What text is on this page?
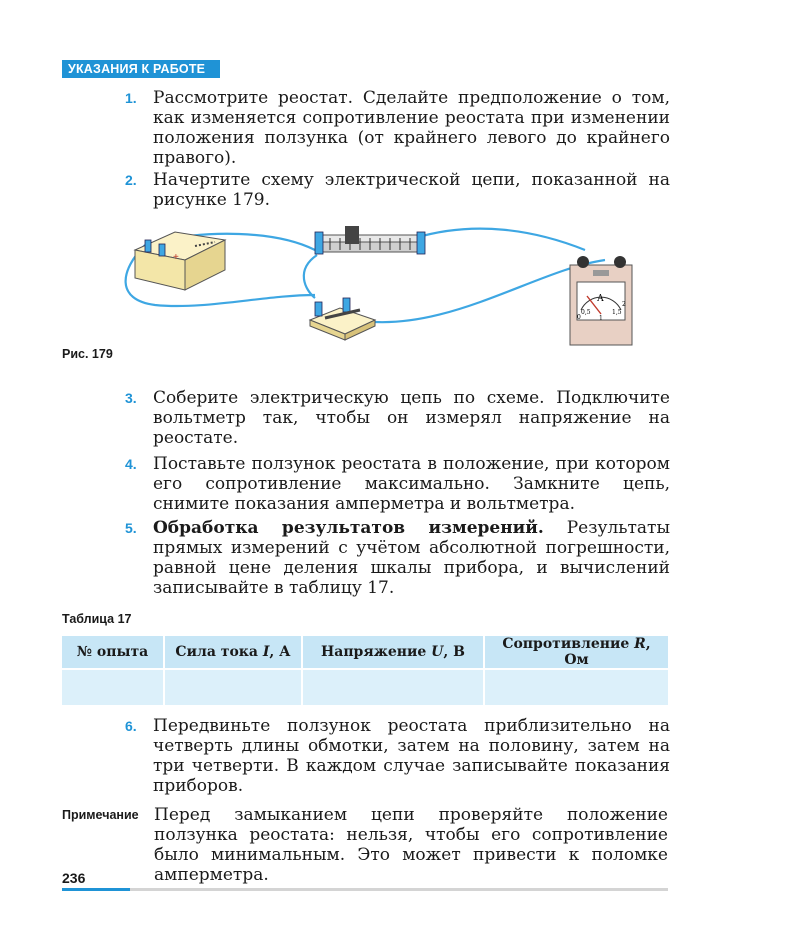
УКАЗАНИЯ К РАБОТЕ
1. Рассмотрите реостат. Сделайте предположение о том, как изменяется сопротивление реостата при изменении положения ползунка (от крайнего левого до крайнего правого).
2. Начертите схему электрической цепи, показанной на рисунке 179.
+
А
0
0,5
1
1,5
2
Рис. 179
3. Соберите электрическую цепь по схеме. Подключите вольтметр так, чтобы он измерял напряжение на реостате.
4. Поставьте ползунок реостата в положение, при котором его сопротивление максимально. Замкните цепь, снимите показания амперметра и вольтметра.
5. Обработка результатов измерений. Результаты прямых измерений с учётом абсолютной погрешности, равной цене деления шкалы прибора, и вычислений записывайте в таблицу 17.
Таблица 17
№ опыта	Сила тока I, А	Напряжение U, В	Сопротивление R, Ом

6. Передвиньте ползунок реостата приблизительно на четверть длины обмотки, затем на половину, затем на три четверти. В каждом случае записывайте показания приборов.
Примечание Перед замыканием цепи проверяйте положение ползунка реостата: нельзя, чтобы его сопротивление было минимальным. Это может привести к поломке амперметра.
236
